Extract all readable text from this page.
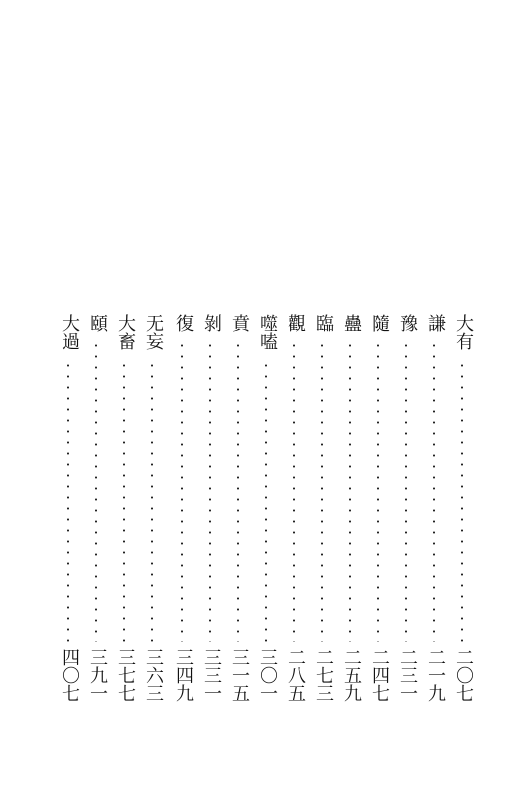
大有
二〇七
謙
二一九
豫
二三一
隨
二四七
蠱
二五九
臨
二七三
觀
二八五
噬嗑
三〇一
賁
三一五
剝
三三一
復
三四九
无妄
三六三
大畜
三七七
頤
三九一
大過
四〇七
